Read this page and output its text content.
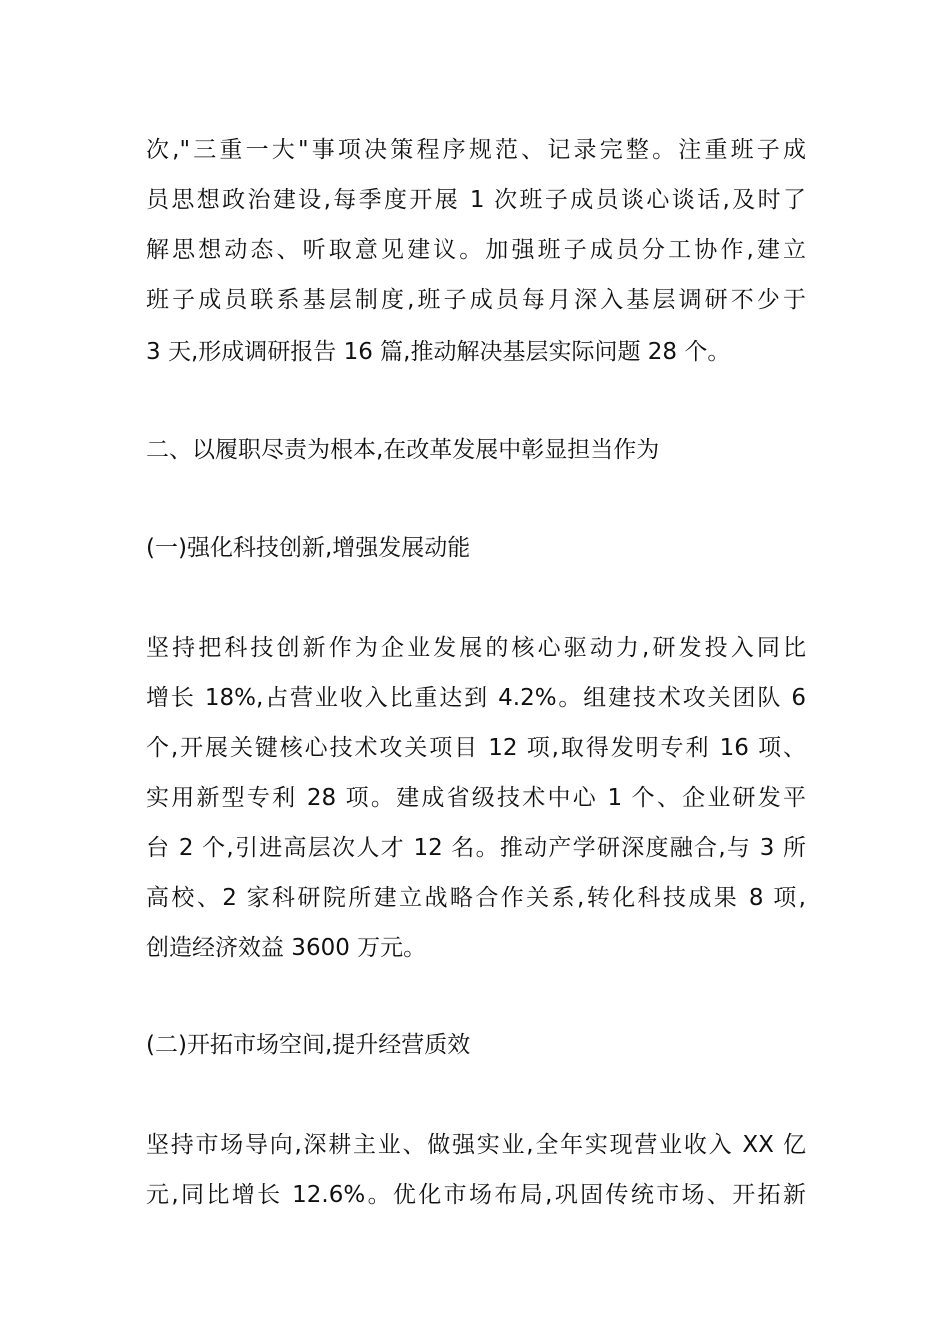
次,"三重一大"事项决策程序规范、记录完整。注重班子成
员思想政治建设,每季度开展 1 次班子成员谈心谈话,及时了
解思想动态、听取意见建议。加强班子成员分工协作,建立
班子成员联系基层制度,班子成员每月深入基层调研不少于
3 天,形成调研报告 16 篇,推动解决基层实际问题 28 个。
二、以履职尽责为根本,在改革发展中彰显担当作为
(一)强化科技创新,增强发展动能
坚持把科技创新作为企业发展的核心驱动力,研发投入同比
增长 18%,占营业收入比重达到 4.2%。组建技术攻关团队 6
个,开展关键核心技术攻关项目 12 项,取得发明专利 16 项、
实用新型专利 28 项。建成省级技术中心 1 个、企业研发平
台 2 个,引进高层次人才 12 名。推动产学研深度融合,与 3 所
高校、2 家科研院所建立战略合作关系,转化科技成果 8 项,
创造经济效益 3600 万元。
(二)开拓市场空间,提升经营质效
坚持市场导向,深耕主业、做强实业,全年实现营业收入 XX 亿
元,同比增长 12.6%。优化市场布局,巩固传统市场、开拓新
